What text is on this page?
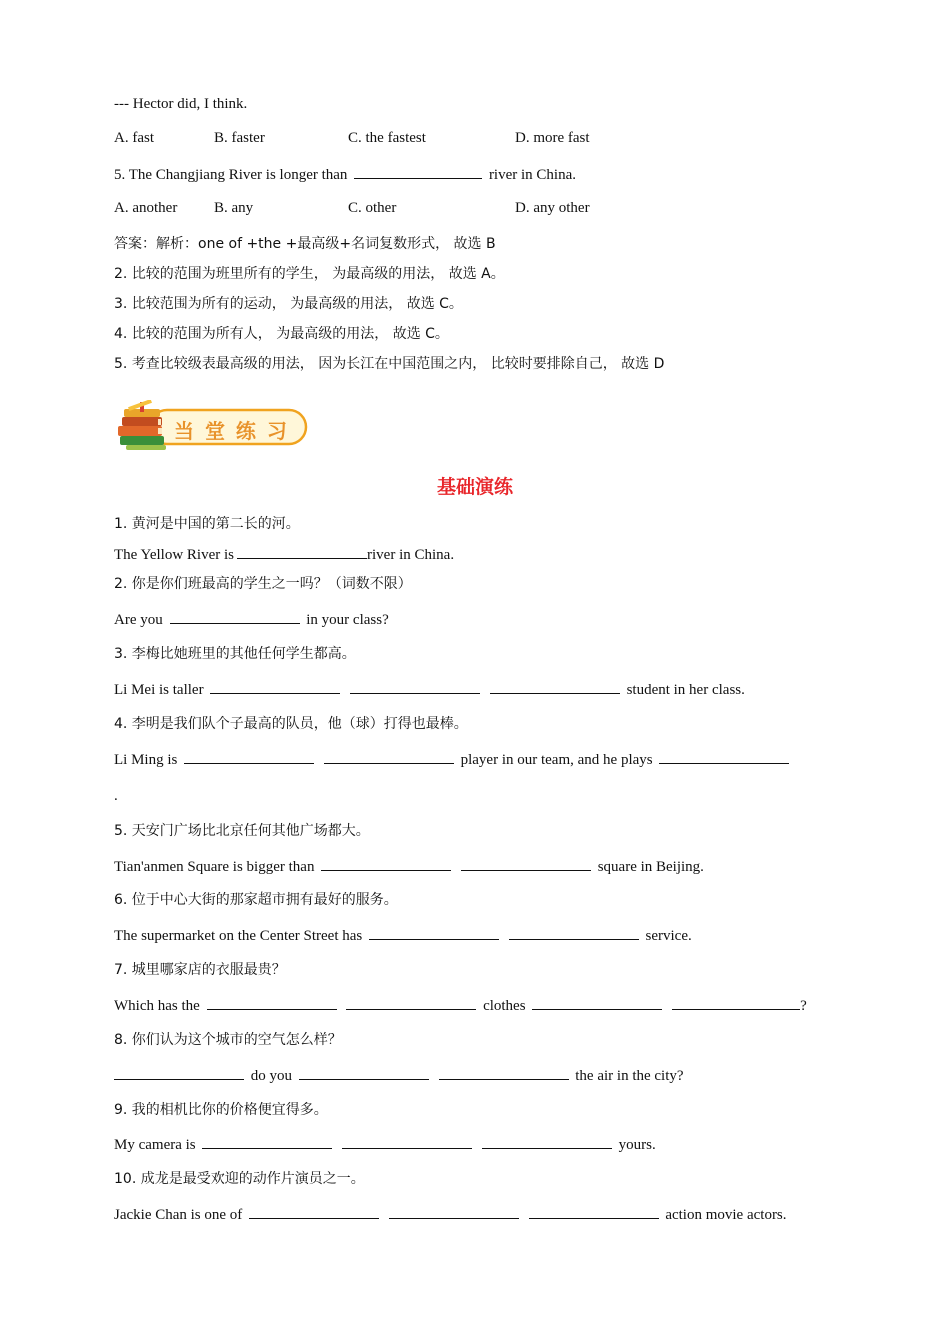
--- Hector did, I think.
A. fast	B. faster	C. the fastest	D. more fast
5. The Changjiang River is longer than	river in China.
A. another B. any	C. other	D. any other
答案：解析：one of +the +最高级+名词复数形式， 故选 B
2. 比较的范围为班里所有的学生， 为最高级的用法， 故选 A。
3. 比较范围为所有的运动， 为最高级的用法， 故选 C。
4. 比较的范围为所有人， 为最高级的用法， 故选 C。
5. 考查比较级表最高级的用法， 因为长江在中国范围之内， 比较时要排除自己， 故选 D
当 堂 练 习
基础演练
1. 黄河是中国的第二长的河。
The Yellow River is	river in China.
2. 你是你们班最高的学生之一吗？（词数不限）
Are you	in your class?
3. 李梅比她班里的其他任何学生都高。
Li Mei is taller	student in her class.
4. 李明是我们队个子最高的队员，他（球）打得也最棒。
Li Ming is	player in our team, and he plays
.
5. 天安门广场比北京任何其他广场都大。
Tian'anmen Square is bigger than	square in Beijing.
6. 位于中心大街的那家超市拥有最好的服务。
The supermarket on the Center Street has	service.
7. 城里哪家店的衣服最贵？
Which has the	clothes	?
8. 你们认为这个城市的空气怎么样？
do you	the air in the city?
9. 我的相机比你的价格便宜得多。
My camera is	yours.
10. 成龙是最受欢迎的动作片演员之一。
Jackie Chan is one of	action movie actors.
